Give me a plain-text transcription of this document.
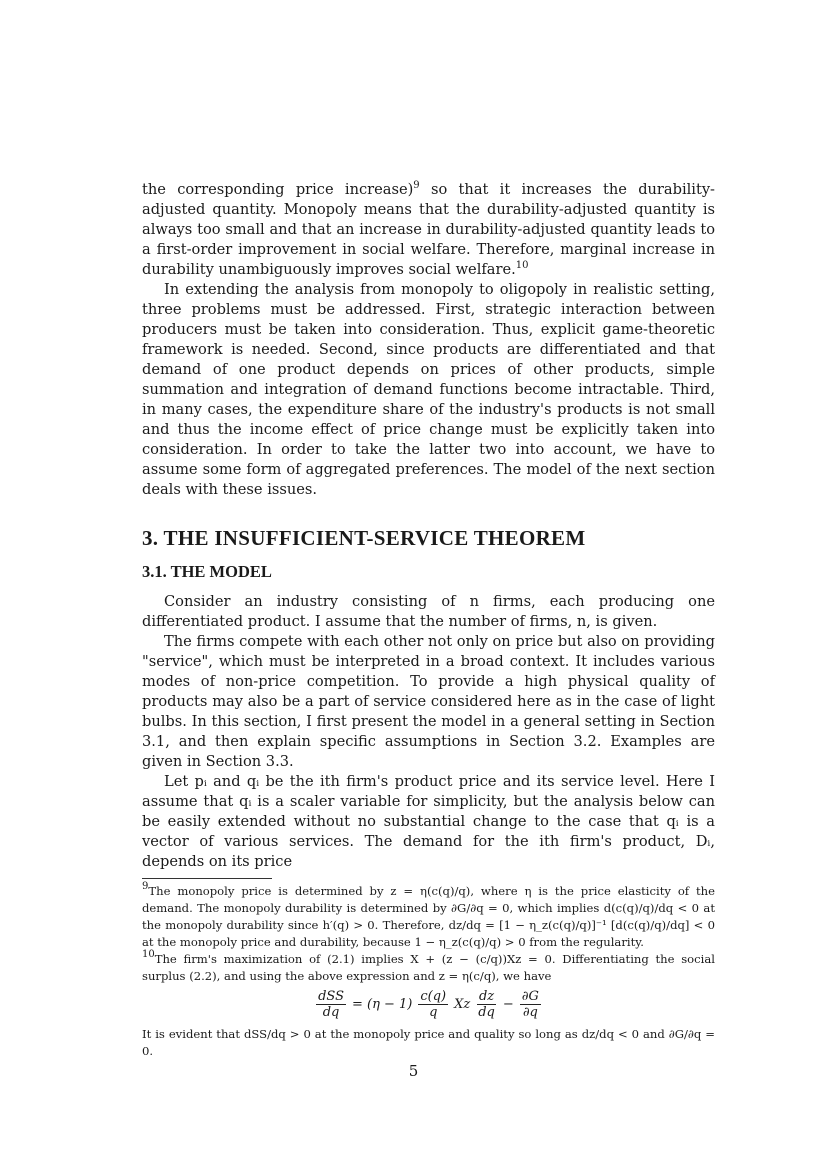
the corresponding price increase)$^9$ so that it increases the durability-adjusted quantity. Monopoly means that the durability-adjusted quantity is always too small and that an increase in durability-adjusted quantity leads to a first-order improvement in social welfare. Therefore, marginal increase in durability unambiguously improves social welfare.$^{10}$

In extending the analysis from monopoly to oligopoly in realistic setting, three problems must be addressed. First, strategic interaction between producers must be taken into consideration. Thus, explicit game-theoretic framework is needed. Second, since products are differentiated and that demand of one product depends on prices of other products, simple summation and integration of demand functions become intractable. Third, in many cases, the expenditure share of the industry's products is not small and thus the income effect of price change must be explicitly taken into consideration. In order to take the latter two into account, we have to assume some form of aggregated preferences. The model of the next section deals with these issues.

3. THE INSUFFICIENT-SERVICE THEOREM
3.1. THE MODEL

Consider an industry consisting of n firms, each producing one differentiated product. I assume that the number of firms, n, is given.

The firms compete with each other not only on price but also on providing "service", which must be interpreted in a broad context. It includes various modes of non-price competition. To provide a high physical quality of products may also be a part of service considered here as in the case of light bulbs. In this section, I first present the model in a general setting in Section 3.1, and then explain specific assumptions in Section 3.2. Examples are given in Section 3.3.

Let pᵢ and qᵢ be the ith firm's product price and its service level. Here I assume that qᵢ is a scaler variable for simplicity, but the analysis below can be easily extended without no substantial change to the case that qᵢ is a vector of various services. The demand for the ith firm's product, Dᵢ, depends on its price

$^9$The monopoly price is determined by z = η(c(q)/q), where η is the price elasticity of the demand. The monopoly durability is determined by ∂G/∂q = 0, which implies d(c(q)/q)/dq < 0 at the monopoly durability since h′(q) > 0. Therefore, dz/dq = [1 − η_z(c(q)/q)]⁻¹ [d(c(q)/q)/dq] < 0 at the monopoly price and durability, because 1 − η_z(c(q)/q) > 0 from the regularity.

$^{10}$The firm's maximization of (2.1) implies X + (z − (c/q))Xz = 0. Differentiating the social surplus (2.2), and using the above expression and z = η(c/q), we have

$\frac{\text{dSS}}{dq} = (\eta - 1) \frac{c(q)}{q}$ Xz $\frac{dz}{dq} - \frac{\partial G}{\partial q}$

It is evident that dSS/dq > 0 at the monopoly price and quality so long as dz/dq < 0 and ∂G/∂q = 0.

5
